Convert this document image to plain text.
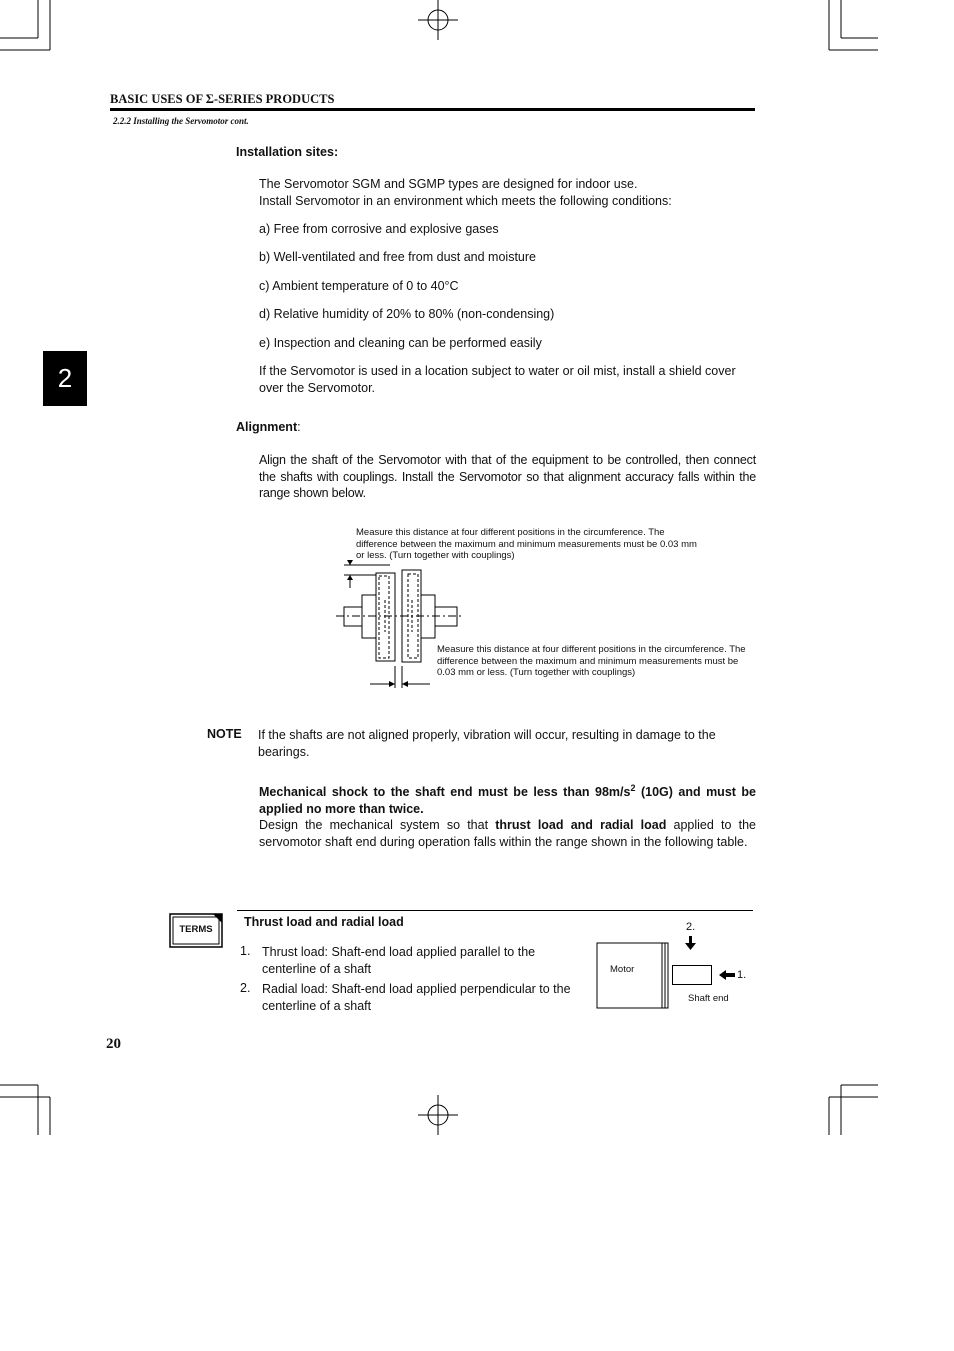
BASIC USES OF Σ-SERIES PRODUCTS
2.2.2 Installing the Servomotor cont.
2
Installation sites:
The Servomotor SGM and SGMP types are designed for indoor use.
Install Servomotor in an environment which meets the following conditions:
a) Free from corrosive and explosive gases
b) Well-ventilated and free from dust and moisture
c) Ambient temperature of 0 to 40°C
d) Relative humidity of 20% to 80% (non-condensing)
e) Inspection and cleaning can be performed easily
If the Servomotor is used in a location subject to water or oil mist, install a shield cover over the Servomotor.
Alignment:
Align the shaft of the Servomotor with that of the equipment to be controlled, then connect the shafts with couplings. Install the Servomotor so that alignment accuracy falls within the range shown below.
Measure this distance at four different positions in the circumference. The difference between the maximum and minimum measurements must be 0.03 mm or less. (Turn together with couplings)
Measure this distance at four different positions in the circumference. The difference between the maximum and minimum measurements must be 0.03 mm or less. (Turn together with couplings)
NOTE If the shafts are not aligned properly, vibration will occur, resulting in damage to the bearings.
Mechanical shock to the shaft end must be less than $98m/s^2$ (10G) and must be applied no more than twice.
Design the mechanical system so that thrust load and radial load applied to the servomotor shaft end during operation falls within the range shown in the following table.
TERMS
Thrust load and radial load
1. Thrust load: Shaft-end load applied parallel to the centerline of a shaft
2. Radial load: Shaft-end load applied perpendicular to the centerline of a shaft
Motor
Shaft end
2.
1.
20
